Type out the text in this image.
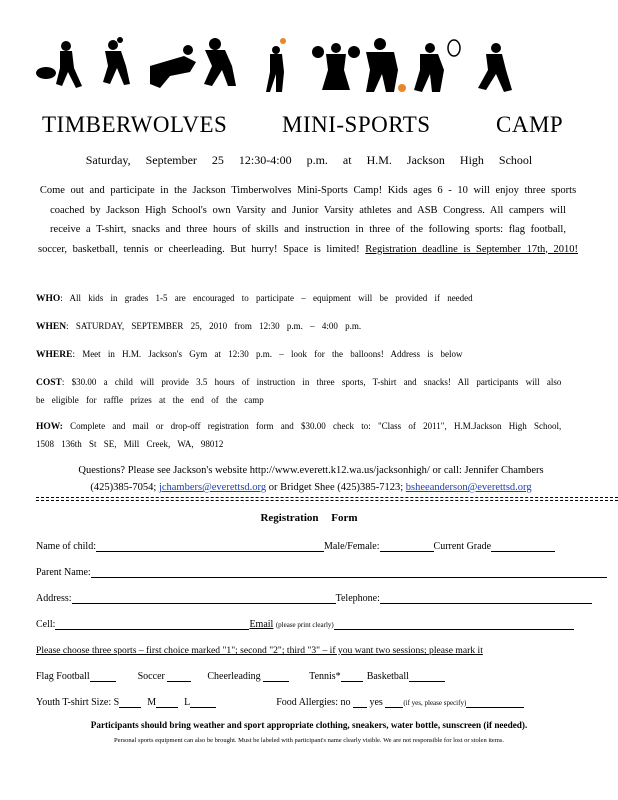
TIMBERWOLVES MINI-SPORTS	CAMP
Saturday, September 25 12:30-4:00 p.m. at H.M. Jackson High School
Come out and participate in the Jackson Timberwolves Mini-Sports Camp! Kids ages 6 - 10 will enjoy three sports coached by Jackson High School's own Varsity and Junior Varsity athletes and ASB Congress. All campers will receive a T-shirt, snacks and three hours of skills and instruction in three of the following sports: flag football, soccer, basketball, tennis or cheerleading. But hurry! Space is limited! Registration deadline is September 17th, 2010!
WHO: All kids in grades 1-5 are encouraged to participate – equipment will be provided if needed
WHEN: SATURDAY, SEPTEMBER 25, 2010 from 12:30 p.m. – 4:00 p.m.
WHERE: Meet in H.M. Jackson's Gym at 12:30 p.m. – look for the balloons! Address is below
COST: $30.00 a child will provide 3.5 hours of instruction in three sports, T-shirt and snacks! All participants will also be eligible for raffle prizes at the end of the camp
HOW: Complete and mail or drop-off registration form and $30.00 check to: "Class of 2011", H.M.Jackson High School, 1508 136th St SE, Mill Creek, WA, 98012
Questions? Please see Jackson's website http://www.everett.k12.wa.us/jacksonhigh/ or call: Jennifer Chambers
(425)385-7054; jchambers@everettsd.org or Bridget Shee (425)385-7123; bsheeanderson@everettsd.org
Registration Form
Name of child:	Male/Female:	Current Grade
Parent Name:
Address:	Telephone:
Cell:	Email (please print clearly)
Please choose three sports – first choice marked "1"; second "2"; third "3" – if you want two sessions; please mark it
Flag Football	Soccer	Cheerleading	Tennis*	Basketball
Youth T-shirt Size: S	M	L	Food Allergies: no yes	(if yes, please specify)
Participants should bring weather and sport appropriate clothing, sneakers, water bottle, sunscreen (if needed).
Personal sports equipment can also be brought. Must be labeled with participant's name clearly visible. We are not responsible for lost or stolen items.
